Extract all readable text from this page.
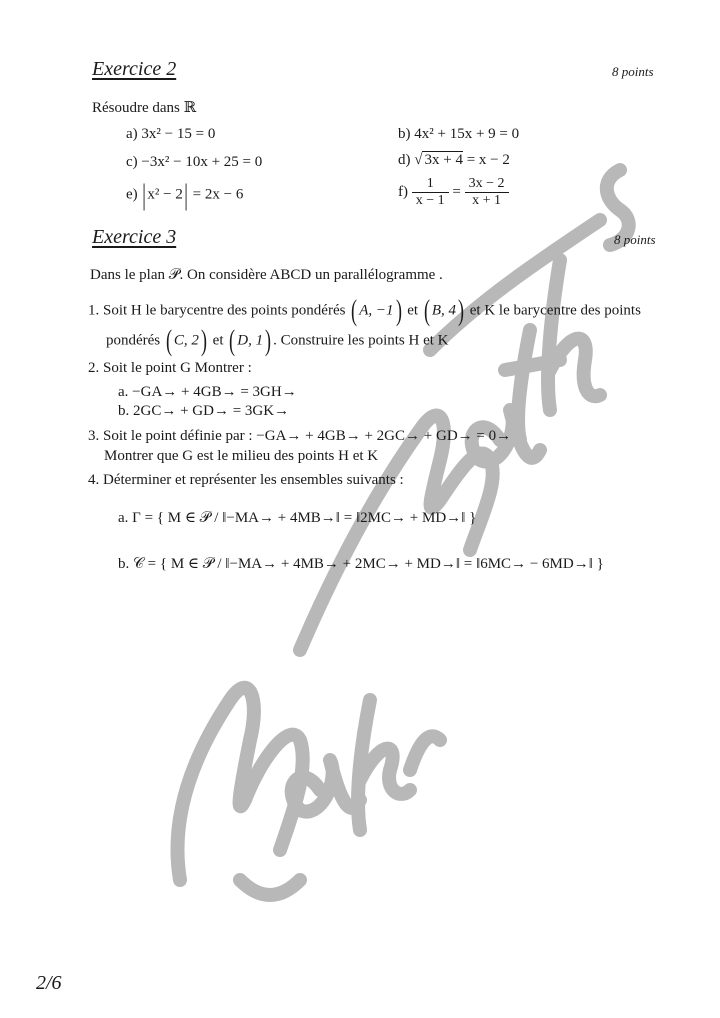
Exercice 2	8 points
Résoudre dans ℝ
a) 3x² − 15 = 0	b) 4x² + 15x + 9 = 0
c) −3x² − 10x + 25 = 0	d) √ 3x + 4 = x − 2
e) |x² − 2| = 2x − 6	$f) \frac{1}{x - 1} = \frac{3x - 2}{x + 1}$
Exercice 3	8 points
Dans le plan 𝒫. On considère ABCD un parallélogramme .
1. Soit H le barycentre des points pondérés ( A, −1) et ( B, 4) et K le barycentre des points
pondérés ( C, 2) et ( D, 1) . Construire les points H et K
2. Soit le point G Montrer :
a. −GA→ + 4GB→ = 3GH→
b. 2GC→ + GD→ = 3GK→
3. Soit le point définie par : −GA→ + 4GB→ + 2GC→ + GD→ = 0→
Montrer que G est le milieu des points H et K
4. Déterminer et représenter les ensembles suivants :
a. Γ = { M ∈ 𝒫 / ‖−MA→ + 4MB→‖ = ‖2MC→ + MD→‖ }
b. 𝒞 = { M ∈ 𝒫 / ‖−MA→ + 4MB→ + 2MC→ + MD→‖ = ‖6MC→ − 6MD→‖ }
2/6
